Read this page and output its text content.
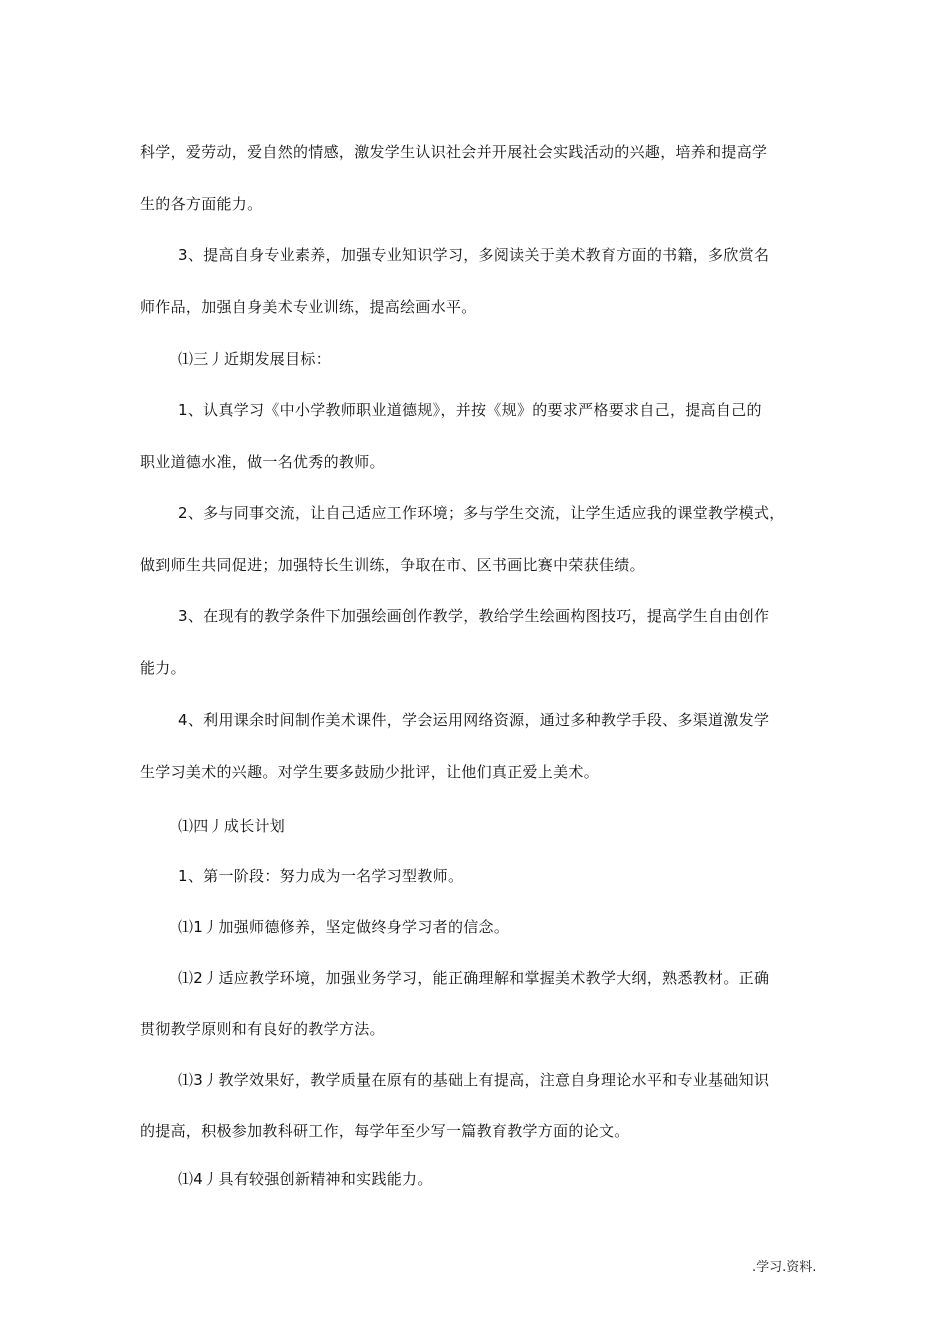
科学，爱劳动，爱自然的情感，激发学生认识社会并开展社会实践活动的兴趣，培养和提高学
生的各方面能力。
3、提高自身专业素养，加强专业知识学习，多阅读关于美术教育方面的书籍，多欣赏名
师作品，加强自身美术专业训练，提高绘画水平。
⑴三丿近期发展目标：
1、认真学习《中小学教师职业道德规》，并按《规》的要求严格要求自己，提高自己的
职业道德水准，做一名优秀的教师。
2、多与同事交流，让自己适应工作环境；多与学生交流，让学生适应我的课堂教学模式，
做到师生共同促进；加强特长生训练，争取在市、区书画比赛中荣获佳绩。
3、在现有的教学条件下加强绘画创作教学，教给学生绘画构图技巧，提高学生自由创作
能力。
4、利用课余时间制作美术课件，学会运用网络资源，通过多种教学手段、多渠道激发学
生学习美术的兴趣。对学生要多鼓励少批评，让他们真正爱上美术。
⑴四丿成长计划
1、第一阶段：努力成为一名学习型教师。
⑴1丿加强师德修养，坚定做终身学习者的信念。
⑴2丿适应教学环境，加强业务学习，能正确理解和掌握美术教学大纲，熟悉教材。正确
贯彻教学原则和有良好的教学方法。
⑴3丿教学效果好，教学质量在原有的基础上有提高，注意自身理论水平和专业基础知识
的提高，积极参加教科研工作，每学年至少写一篇教育教学方面的论文。
⑴4丿具有较强创新精神和实践能力。
.学习.资料.
